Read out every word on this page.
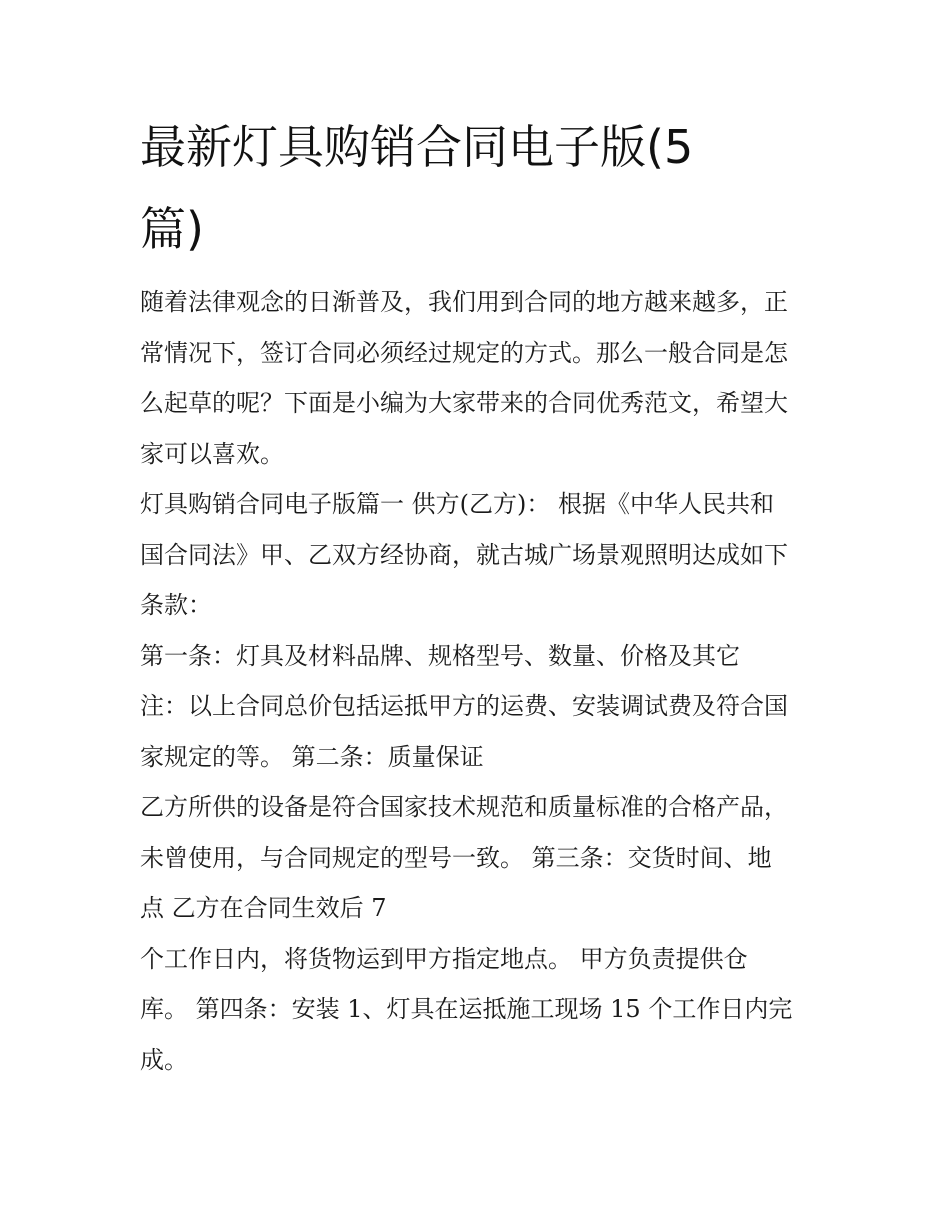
最新灯具购销合同电子版(5
篇)
随着法律观念的日渐普及，我们用到合同的地方越来越多，正
常情况下，签订合同必须经过规定的方式。那么一般合同是怎
么起草的呢？下面是小编为大家带来的合同优秀范文，希望大
家可以喜欢。
灯具购销合同电子版篇一 供方(乙方)： 根据《中华人民共和
国合同法》甲、乙双方经协商，就古城广场景观照明达成如下
条款：
第一条：灯具及材料品牌、规格型号、数量、价格及其它
注：以上合同总价包括运抵甲方的运费、安装调试费及符合国
家规定的等。 第二条：质量保证
乙方所供的设备是符合国家技术规范和质量标准的合格产品，
未曾使用，与合同规定的型号一致。 第三条：交货时间、地
点 乙方在合同生效后 7
个工作日内，将货物运到甲方指定地点。 甲方负责提供仓
库。 第四条：安装 1、灯具在运抵施工现场 15 个工作日内完
成。
